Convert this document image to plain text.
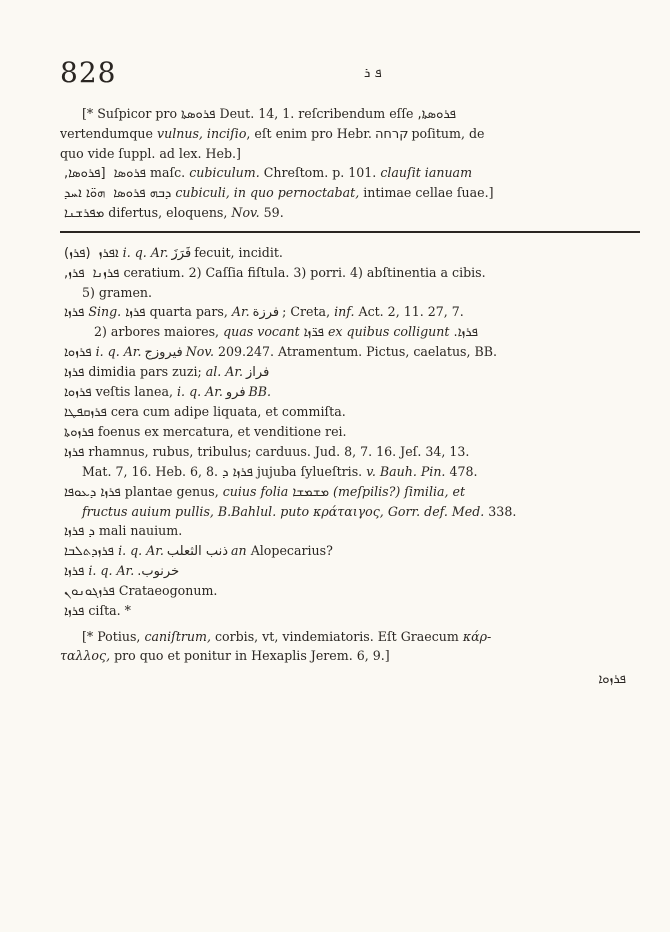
828	ܦ ܪ
[* Suſpicor pro ܦܪܘܣܬܐ Deut. 14, 1. reſcribendum eſſe ܦܪܘܣܬܐ,
vertendumque vulnus, inciſio, eſt enim pro Hebr. קרחה poſitum, de
quo vide ſuppl. ad lex. Heb.]
[ܦܪܘܣܐ, ܦܪܘܣܐ maſc. cubiculum. Chreſtom. p. 101. clauſit ianuam
ܗܘ̈ܐ ܐܚܕ ܕܒܗ ܦܪܘܣܐ cubiculi, in quo pernoctabat, intimae cellae ſuae.]
ܡܦܪܫܢܐ difertus, eloquens, Nov. 59.
(ܦܪܙ) ܐܦܪܙ i. q. Ar. فَرَزَ fecuit, incidit.
ܦܪܙ, ܦܪܙܢܐ ceratium. 2) Caſſia fiſtula. 3) porri. 4) abſtinentia a cibis.
5) gramen.
ܦܪܙܐ Sing. ܦܪܙܐ quarta pars, Ar. فرزة ; Creta, inf. Act. 2, 11. 27, 7.
2) arbores maiores, quas vocant ܦܪ̈ܙܐ ex quibus colligunt ܦܪܙܐ.
ܦܪܙܘܐ i. q. Ar. فيروزج Nov. 209.247. Atramentum. Pictus, caelatus, BB.
ܦܪܙܐ dimidia pars zuzi; al. Ar. فراز
ܦܪܙܘܐ veſtis lanea, i. q. Ar. فرو BB.
ܦܪܙܩܦܛܐ cera cum adipe liquata, et commiſta.
ܦܪܙܘܬܐ foenus ex mercatura, et venditione rei.
ܦܪܙܐ rhamnus, rubus, tribulus; carduus. Jud. 8, 7. 16. Jeſ. 34, 13.
Mat. 7, 16. Heb. 6, 8. ܦܪܙܐ ܕ jujuba ſylueſtris. v. Bauh. Pin. 478.
ܦܪܙܐ ܕܥܘܦܐ plantae genus, cuius folia ܡܫܡܫܐ (meſpilis?) ſimilia, et
fructus auium pullis, B.Bahlul. puto κράταιγος, Gorr. def. Med. 338.
ܕ ܦܪܙܐ mali nauium.
ܦܪܙܕܬܠܒܐ i. q. Ar. ذنب الثعلب an Alopecarius?
ܦܪܙܐ i. q. Ar. خرنوب.
ܦܪܙܓܘܢܘܢ Crataeogonum.
ܦܪܙܐ ciſta. *
[* Potius, caniſtrum, corbis, vt, vindemiatoris. Eſt Graecum κάρ-
ταλλος, pro quo et ponitur in Hexaplis Jerem. 6, 9.]
ܦܪܙܘܐ
